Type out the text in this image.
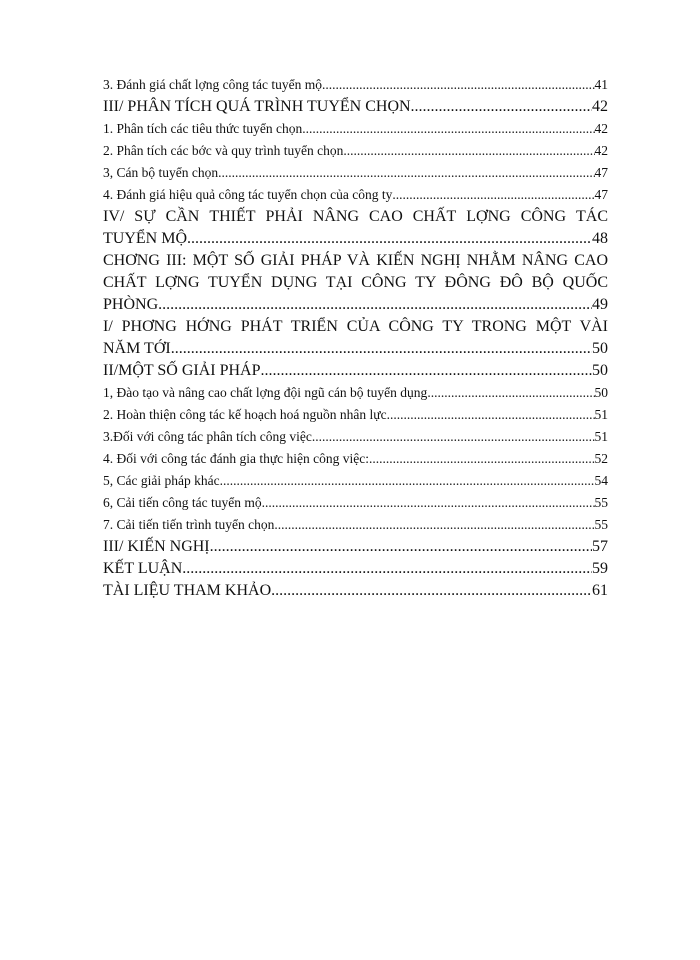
3. Đánh giá chất lợng công tác tuyển mộ .....	41
III/ PHÂN TÍCH QUÁ TRÌNH TUYỂN CHỌN .....	42
1. Phân tích các tiêu thức tuyển chọn .....	42
2. Phân tích các bớc và quy trình tuyển chọn .....	42
3, Cán bộ tuyển chọn .....	47
4. Đánh giá hiệu quả công tác tuyển chọn của công ty .....	47
IV/ SỰ CẦN THIẾT PHẢI NÂNG CAO CHẤT LỢNG CÔNG TÁC
TUYỂN MỘ .....	48
CHƠNG III: MỘT SỐ GIẢI PHÁP VÀ KIẾN NGHỊ NHẰM NÂNG CAO
CHẤT LỢNG TUYỂN DỤNG TẠI CÔNG TY ĐÔNG ĐÔ BỘ QUỐC
PHÒNG .....	49
I/ PHƠNG HỚNG PHÁT TRIỂN CỦA CÔNG TY TRONG MỘT VÀI
NĂM TỚI .....	50
II/MỘT SỐ GIẢI PHÁP .....	50
1, Đào tạo và nâng cao chất lợng đội ngũ cán bộ tuyển dụng .....	50
2. Hoàn thiện công tác kế hoạch hoá nguồn nhân lực .....	51
3.Đối với công tác phân tích công việc .....	51
4. Đối với công tác đánh gia thực hiện công việc: .....	52
5, Các giải pháp khác .....	54
6, Cải tiến công tác tuyển mộ .....	55
7. Cải tiến tiến trình tuyển chọn .....	55
III/ KIẾN NGHỊ .....	57
KẾT LUẬN .....	59
TÀI LIỆU THAM KHẢO .....	61
